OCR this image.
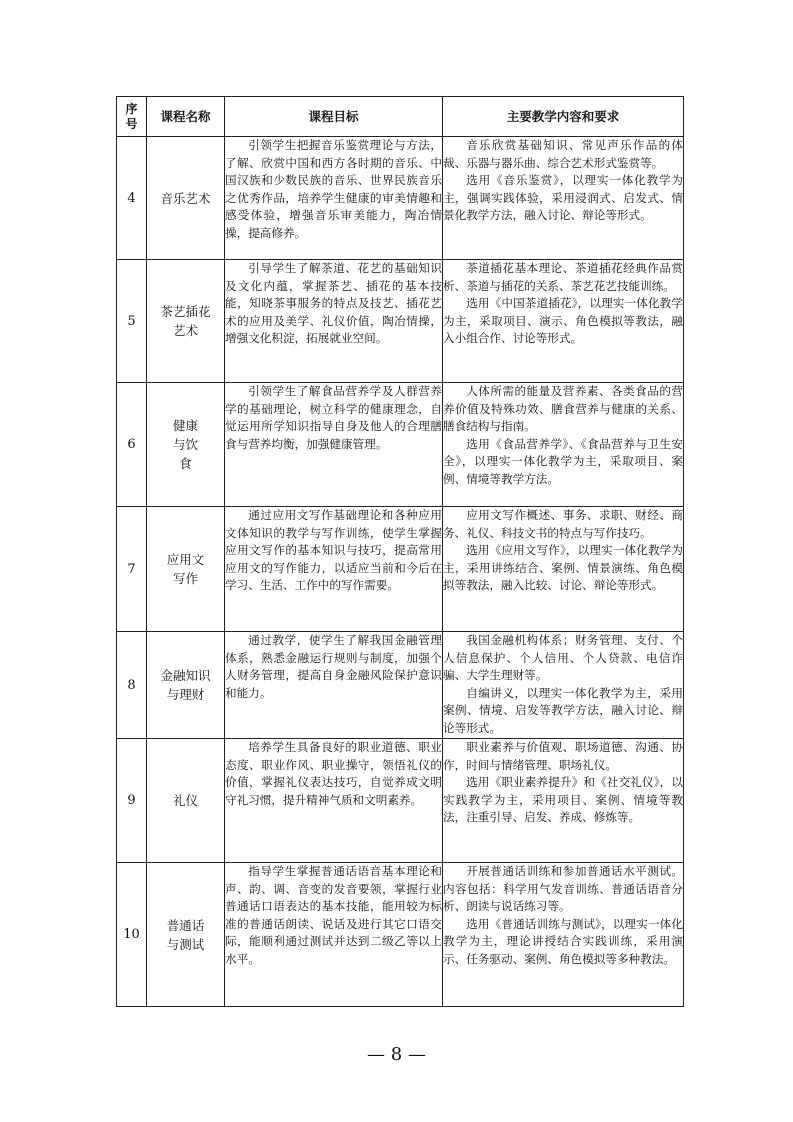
序号	课程名称	课程目标	主要教学内容和要求
4	音乐艺术	引领学生把握音乐鉴赏理论与方法，了解、欣赏中国和西方各时期的音乐、中国汉族和少数民族的音乐、世界民族音乐之优秀作品，培养学生健康的审美情趣和感受体验，增强音乐审美能力，陶冶情操，提高修养。	音乐欣赏基础知识、常见声乐作品的体裁、乐器与器乐曲、综合艺术形式鉴赏等。
选用《音乐鉴赏》，以理实一体化教学为主，强调实践体验，采用浸润式、启发式、情景化教学方法，融入讨论、辩论等形式。

5	茶艺插花艺术	引导学生了解茶道、花艺的基础知识及文化内蕴，掌握茶艺、插花的基本技能，知晓茶事服务的特点及技艺、插花艺术的应用及美学、礼仪价值，陶冶情操，增强文化积淀，拓展就业空间。	茶道插花基本理论、茶道插花经典作品赏析、茶道与插花的关系、茶艺花艺技能训练。
选用《中国茶道插花》，以理实一体化教学为主，采取项目、演示、角色模拟等教法，融入小组合作、讨论等形式。

6	健康与饮食	引领学生了解食品营养学及人群营养学的基础理论，树立科学的健康理念，自觉运用所学知识指导自身及他人的合理膳食与营养均衡，加强健康管理。	人体所需的能量及营养素、各类食品的营养价值及特殊功效、膳食营养与健康的关系、膳食结构与指南。
选用《食品营养学》、《食品营养与卫生安全》，以理实一体化教学为主，采取项目、案例、情境等教学方法。

7	应用文写作	通过应用文写作基础理论和各种应用文体知识的教学与写作训练，使学生掌握应用文写作的基本知识与技巧，提高常用应用文的写作能力，以适应当前和今后在学习、生活、工作中的写作需要。	应用文写作概述、事务、求职、财经、商务、礼仪、科技文书的特点与写作技巧。
选用《应用文写作》，以理实一体化教学为主，采用讲练结合、案例、情景演练、角色模拟等教法，融入比较、讨论、辩论等形式。

8	金融知识与理财	通过教学，使学生了解我国金融管理体系，熟悉金融运行规则与制度，加强个人财务管理，提高自身金融风险保护意识和能力。	我国金融机构体系；财务管理、支付、个人信息保护、个人信用、个人贷款、电信诈骗、大学生理财等。
自编讲义，以理实一体化教学为主，采用案例、情境、启发等教学方法，融入讨论、辩论等形式。

9	礼仪	培养学生具备良好的职业道德、职业态度、职业作风、职业操守，领悟礼仪的价值，掌握礼仪表达技巧，自觉养成文明守礼习惯，提升精神气质和文明素养。	职业素养与价值观、职场道德、沟通、协作，时间与情绪管理、职场礼仪。
选用《职业素养提升》和《社交礼仪》，以实践教学为主，采用项目、案例、情境等教法，注重引导、启发、养成、修炼等。

10	普通话与测试	指导学生掌握普通话语音基本理论和声、韵、调、音变的发音要领，掌握行业普通话口语表达的基本技能，能用较为标准的普通话朗读、说话及进行其它口语交际，能顺利通过测试并达到二级乙等以上水平。	开展普通话训练和参加普通话水平测试。内容包括：科学用气发音训练、普通话语音分析、朗读与说话练习等。
选用《普通话训练与测试》，以理实一体化教学为主，理论讲授结合实践训练，采用演示、任务驱动、案例、角色模拟等多种教法。
— 8 —
